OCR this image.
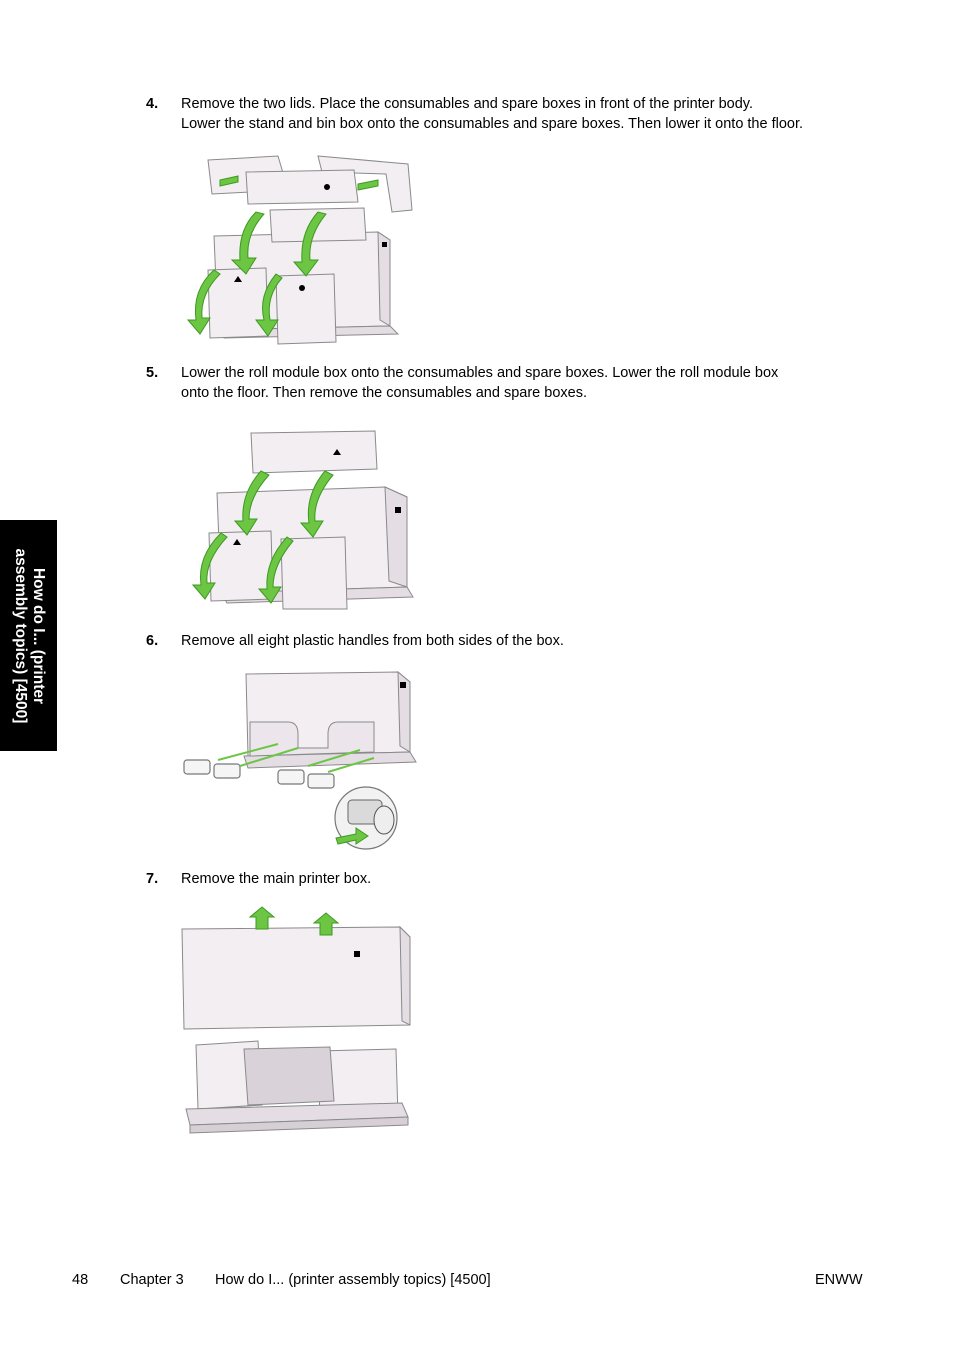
4. Remove the two lids. Place the consumables and spare boxes in front of the printer body.
Lower the stand and bin box onto the consumables and spare boxes. Then lower it onto the floor.
5. Lower the roll module box onto the consumables and spare boxes. Lower the roll module box
onto the floor. Then remove the consumables and spare boxes.
6. Remove all eight plastic handles from both sides of the box.
7. Remove the main printer box.
How do I... (printer
assembly topics) [4500]
48 Chapter 3 How do I... (printer assembly topics) [4500]	ENWW
